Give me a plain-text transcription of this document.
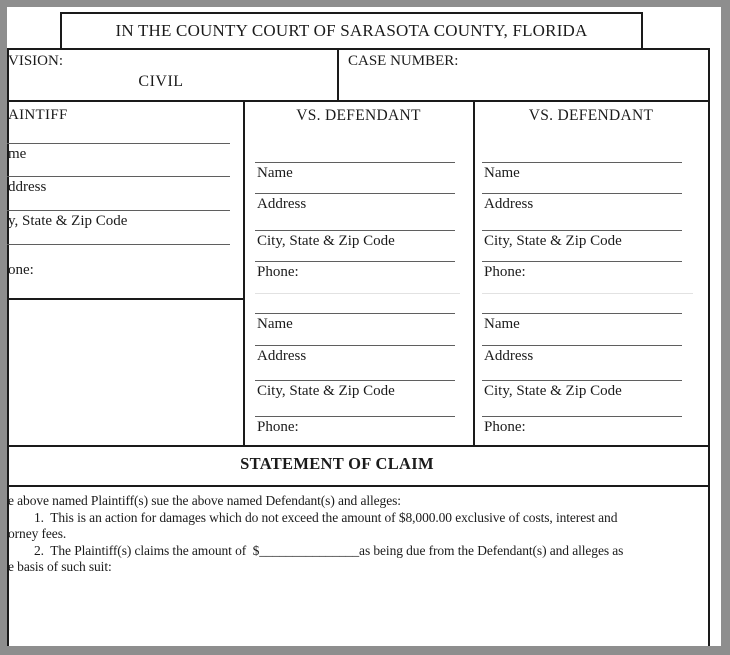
IN THE COUNTY COURT OF SARASOTA COUNTY, FLORIDA
VISION:
CIVIL
CASE NUMBER:
AINTIFF	VS. DEFENDANT	VS. DEFENDANT
me
ddress
y, State & Zip Code
one:
Name
Address
City, State & Zip Code
Phone:
Name
Address
City, State & Zip Code
Phone:
Name
Address
City, State & Zip Code
Phone:
Name
Address
City, State & Zip Code
Phone:
STATEMENT OF CLAIM
e above named Plaintiff(s) sue the above named Defendant(s) and alleges:
1.  This is an action for damages which do not exceed the amount of $8,000.00 exclusive of costs, interest and
orney fees.
2.  The Plaintiff(s) claims the amount of  $_______________as being due from the Defendant(s) and alleges as
e basis of such suit:
